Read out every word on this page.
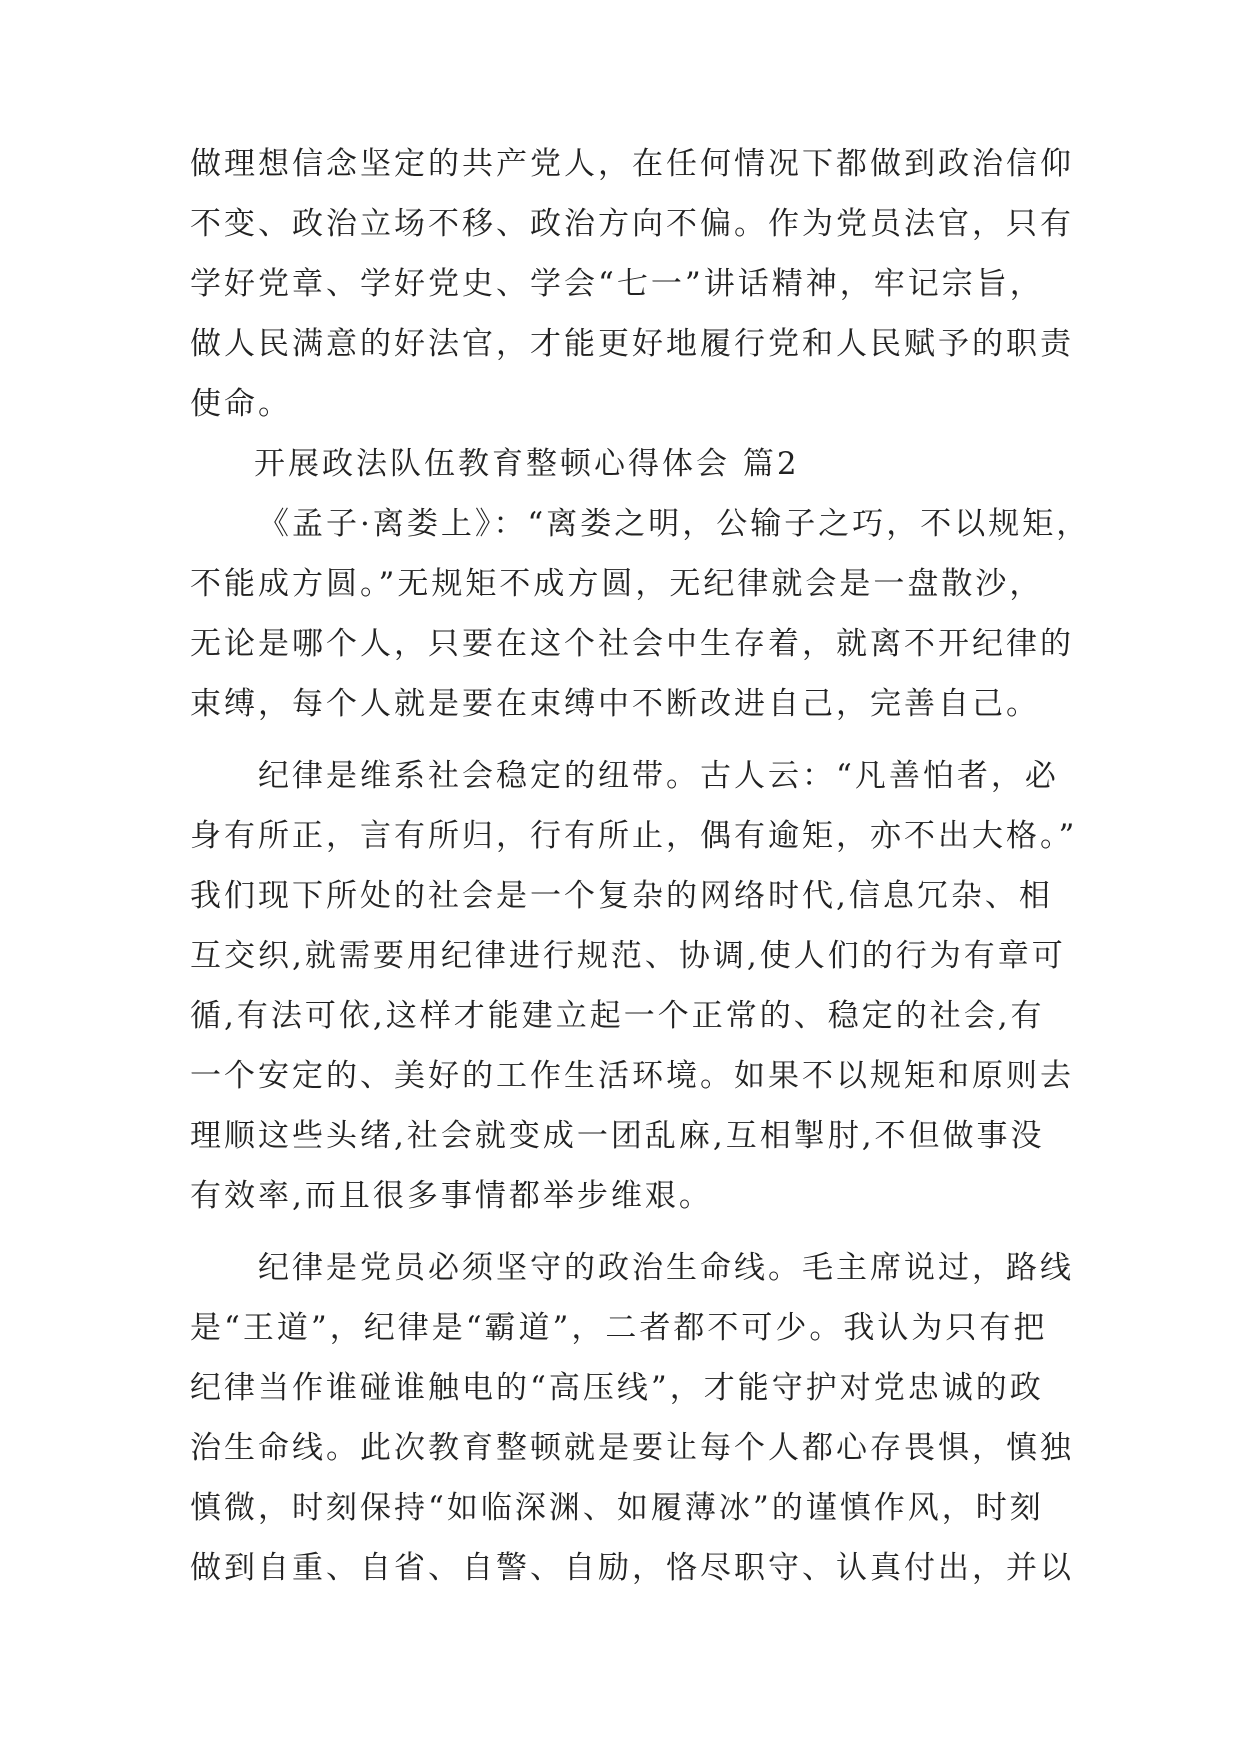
做理想信念坚定的共产党人，在任何情况下都做到政治信仰
不变、政治立场不移、政治方向不偏。作为党员法官，只有
学好党章、学好党史、学会“七一”讲话精神，牢记宗旨，
做人民满意的好法官，才能更好地履行党和人民赋予的职责
使命。
开展政法队伍教育整顿心得体会 篇2
《孟子·离娄上》：“离娄之明，公输子之巧，不以规矩，
不能成方圆。”无规矩不成方圆，无纪律就会是一盘散沙，
无论是哪个人，只要在这个社会中生存着，就离不开纪律的
束缚，每个人就是要在束缚中不断改进自己，完善自己。
纪律是维系社会稳定的纽带。古人云：“凡善怕者，必
身有所正，言有所归，行有所止，偶有逾矩，亦不出大格。”
我们现下所处的社会是一个复杂的网络时代,信息冗杂、相
互交织,就需要用纪律进行规范、协调,使人们的行为有章可
循,有法可依,这样才能建立起一个正常的、稳定的社会,有
一个安定的、美好的工作生活环境。如果不以规矩和原则去
理顺这些头绪,社会就变成一团乱麻,互相掣肘,不但做事没
有效率,而且很多事情都举步维艰。
纪律是党员必须坚守的政治生命线。毛主席说过，路线
是“王道”，纪律是“霸道”，二者都不可少。我认为只有把
纪律当作谁碰谁触电的“高压线”，才能守护对党忠诚的政
治生命线。此次教育整顿就是要让每个人都心存畏惧，慎独
慎微，时刻保持“如临深渊、如履薄冰”的谨慎作风，时刻
做到自重、自省、自警、自励，恪尽职守、认真付出，并以
